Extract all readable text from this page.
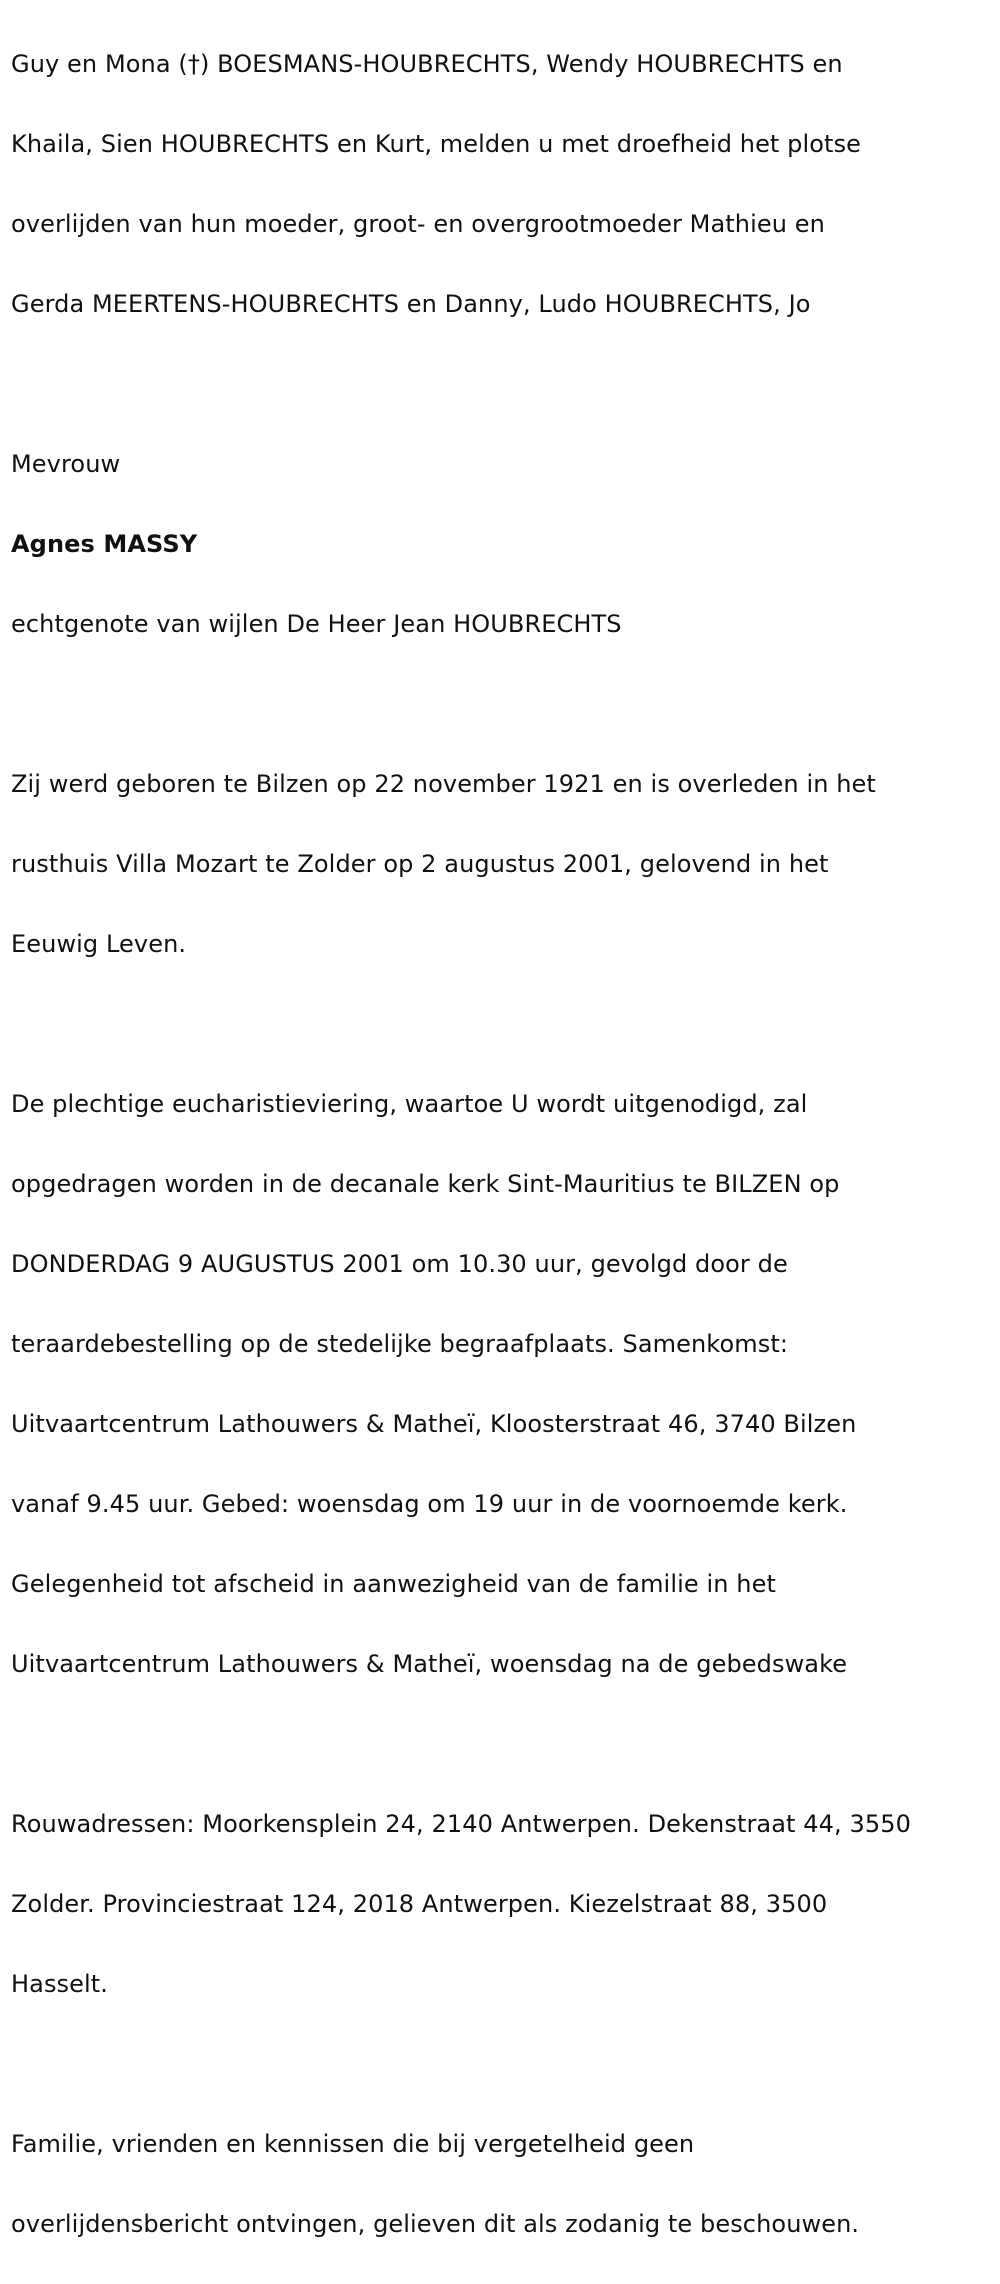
Guy en Mona (†) BOESMANS-HOUBRECHTS, Wendy HOUBRECHTS en

Khaila, Sien HOUBRECHTS en Kurt, melden u met droefheid het plotse

overlijden van hun moeder, groot- en overgrootmoeder Mathieu en

Gerda MEERTENS-HOUBRECHTS en Danny, Ludo HOUBRECHTS, Jo

Mevrouw

Agnes MASSY

echtgenote van wijlen De Heer Jean HOUBRECHTS

Zij werd geboren te Bilzen op 22 november 1921 en is overleden in het

rusthuis Villa Mozart te Zolder op 2 augustus 2001, gelovend in het

Eeuwig Leven.

De plechtige eucharistieviering, waartoe U wordt uitgenodigd, zal

opgedragen worden in de decanale kerk Sint-Mauritius te BILZEN op

DONDERDAG 9 AUGUSTUS 2001 om 10.30 uur, gevolgd door de

teraardebestelling op de stedelijke begraafplaats. Samenkomst:

Uitvaartcentrum Lathouwers & Matheï, Kloosterstraat 46, 3740 Bilzen

vanaf 9.45 uur. Gebed: woensdag om 19 uur in de voornoemde kerk.

Gelegenheid tot afscheid in aanwezigheid van de familie in het

Uitvaartcentrum Lathouwers & Matheï, woensdag na de gebedswake

Rouwadressen: Moorkensplein 24, 2140 Antwerpen. Dekenstraat 44, 3550

Zolder. Provinciestraat 124, 2018 Antwerpen. Kiezelstraat 88, 3500

Hasselt.

Familie, vrienden en kennissen die bij vergetelheid geen

overlijdensbericht ontvingen, gelieven dit als zodanig te beschouwen.
